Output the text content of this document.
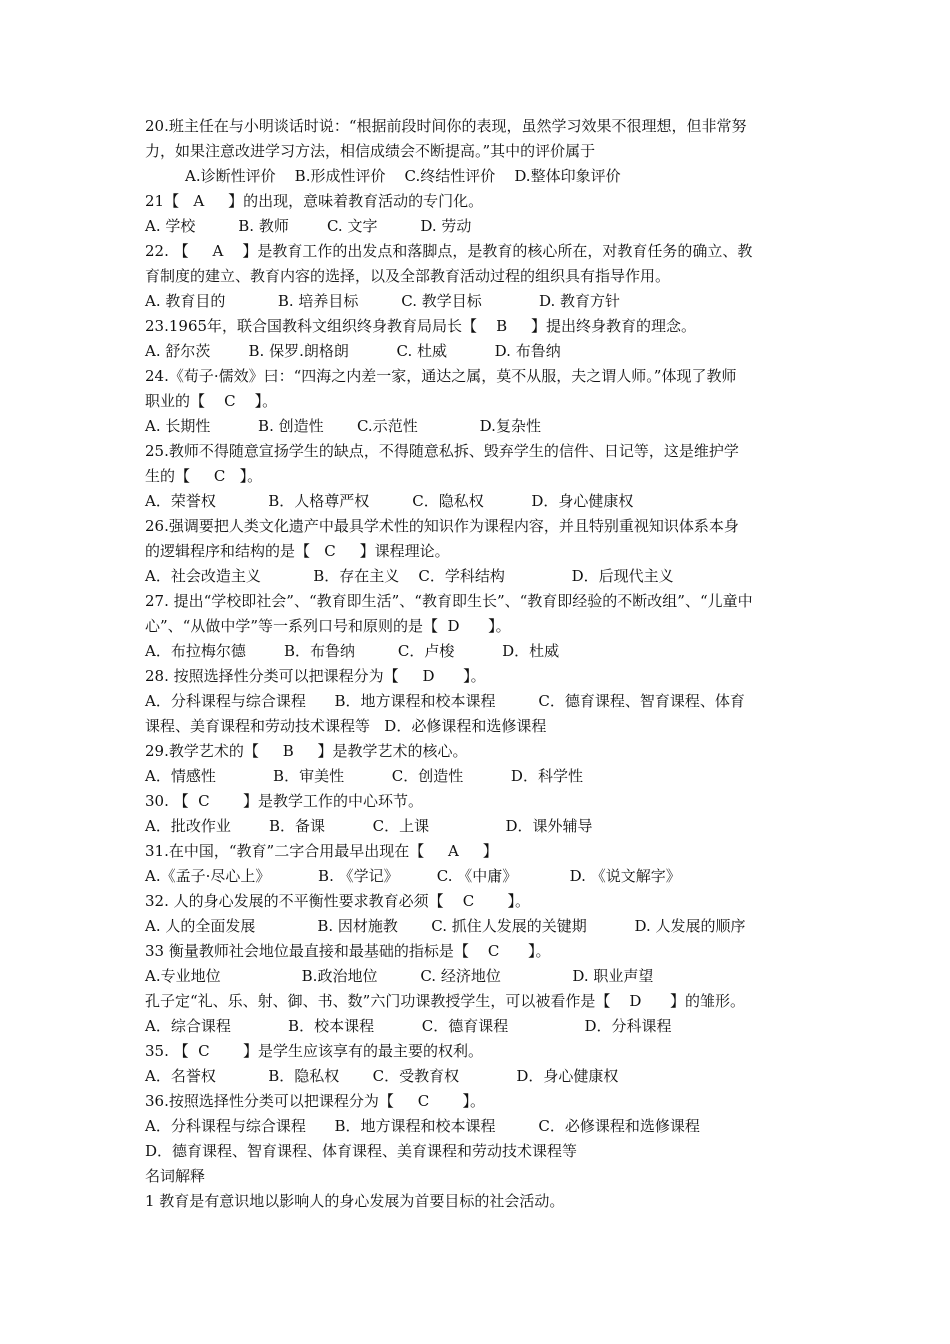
20.班主任在与小明谈话时说：“根据前段时间你的表现，虽然学习效果不很理想，但非常努
力，如果注意改进学习方法，相信成绩会不断提高。”其中的评价属于
A.诊断性评价    B.形成性评价    C.终结性评价    D.整体印象评价
21【   A     】的出现，意味着教育活动的专门化。
A. 学校         B. 教师        C. 文字         D. 劳动
22. 【     A    】是教育工作的出发点和落脚点，是教育的核心所在，对教育任务的确立、教
育制度的建立、教育内容的选择，以及全部教育活动过程的组织具有指导作用。
A. 教育目的           B. 培养目标         C. 教学目标            D. 教育方针
23.1965年，联合国教科文组织终身教育局局长【    B     】提出终身教育的理念。
A. 舒尔茨        B. 保罗.朗格朗          C. 杜威          D. 布鲁纳
24.《荀子·儒效》曰：“四海之内差一家，通达之属，莫不从服，夫之谓人师。”体现了教师
职业的【    C    】。
A. 长期性          B. 创造性       C.示范性             D.复杂性
25.教师不得随意宣扬学生的缺点，不得随意私拆、毁弃学生的信件、日记等，这是维护学
生的【     C   】。
A．荣誉权           B．人格尊严权         C．隐私权          D．身心健康权
26.强调要把人类文化遗产中最具学术性的知识作为课程内容，并且特别重视知识体系本身
的逻辑程序和结构的是【   C     】课程理论。
A．社会改造主义           B．存在主义    C．学科结构              D．后现代主义
27. 提出“学校即社会”、“教育即生活”、“教育即生长”、“教育即经验的不断改组”、“儿童中
心”、“从做中学”等一系列口号和原则的是【  D      】。
A．布拉梅尔德        B．布鲁纳         C．卢梭          D．杜威
28. 按照选择性分类可以把课程分为【     D      】。
A．分科课程与综合课程      B．地方课程和校本课程         C．德育课程、智育课程、体育
课程、美育课程和劳动技术课程等   D．必修课程和选修课程
29.教学艺术的【     B     】是教学艺术的核心。
A．情感性            B．审美性          C．创造性          D．科学性
30. 【  C       】是教学工作的中心环节。
A．批改作业        B．备课          C．上课                D．课外辅导
31.在中国，“教育”二字合用最早出现在【     A     】
A.《孟子·尽心上》          B. 《学记》        C. 《中庸》           D. 《说文解字》
32. 人的身心发展的不平衡性要求教育必须【    C       】。
A. 人的全面发展             B. 因材施教       C. 抓住人发展的关键期          D. 人发展的顺序
33 衡量教师社会地位最直接和最基础的指标是【    C      】。
A.专业地位                 B.政治地位         C. 经济地位               D. 职业声望
孔子定“礼、乐、射、御、书、数”六门功课教授学生，可以被看作是【    D      】的雏形。
A．综合课程            B．校本课程          C．德育课程                D．分科课程
35. 【  C       】是学生应该享有的最主要的权利。
A．名誉权           B．隐私权       C．受教育权            D．身心健康权
36.按照选择性分类可以把课程分为【     C       】。
A．分科课程与综合课程      B．地方课程和校本课程         C．必修课程和选修课程
D．德育课程、智育课程、体育课程、美育课程和劳动技术课程等
名词解释
1 教育是有意识地以影响人的身心发展为首要目标的社会活动。
